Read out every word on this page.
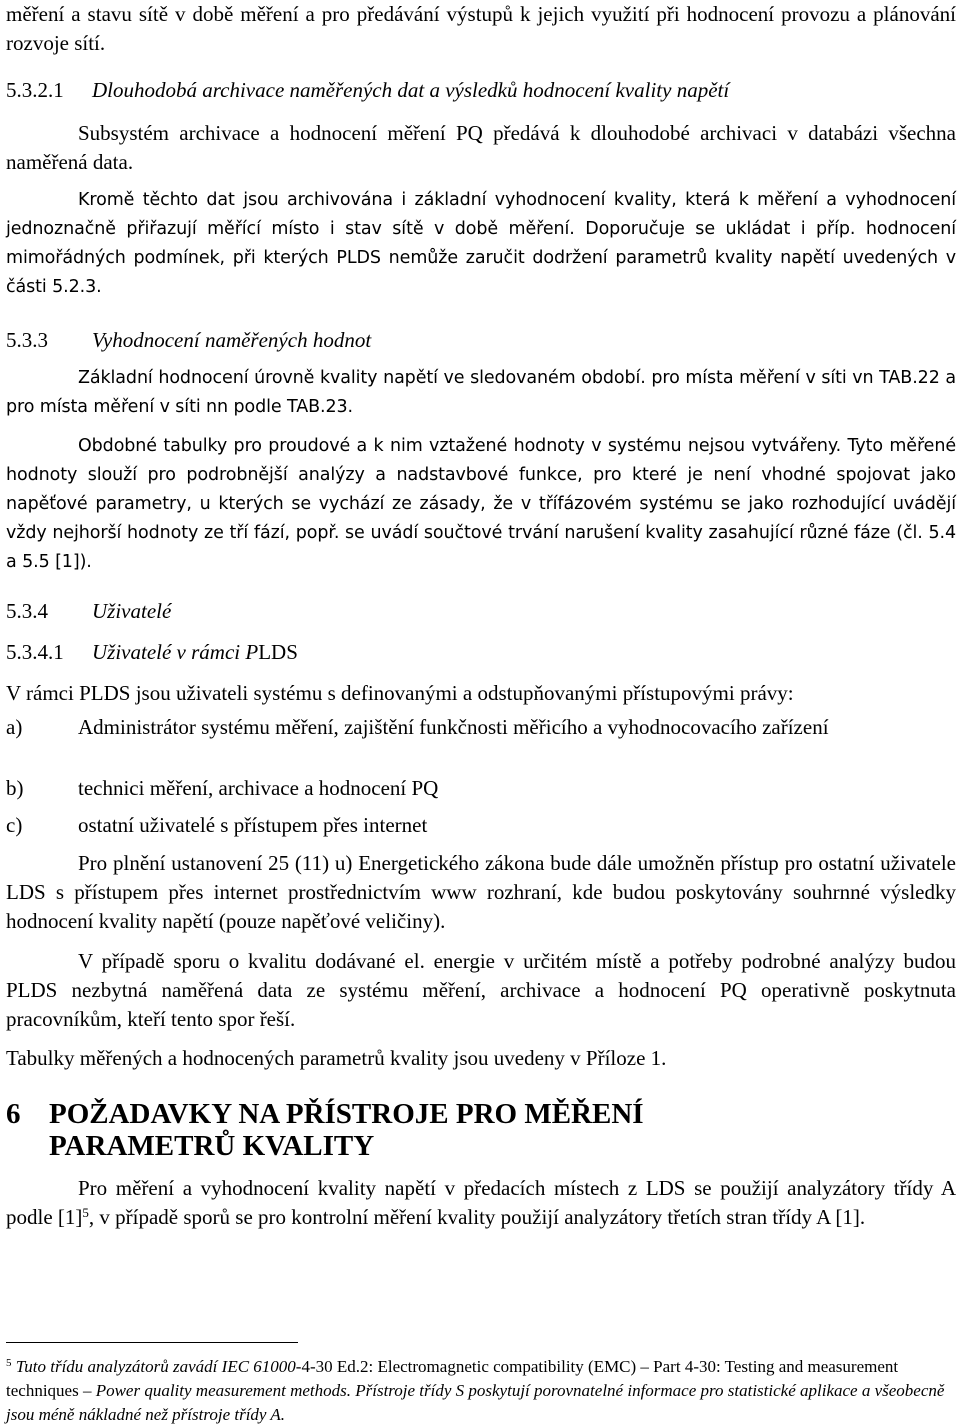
měření a stavu sítě v době měření a pro předávání výstupů k jejich využití při hodnocení provozu a plánování rozvoje sítí.
5.3.2.1 Dlouhodobá archivace naměřených dat a výsledků hodnocení kvality napětí
Subsystém archivace a hodnocení měření PQ předává k dlouhodobé archivaci v databázi všechna naměřená data.
Kromě těchto dat jsou archivována i základní vyhodnocení kvality, která k měření a vyhodnocení jednoznačně přiřazují měřící místo i stav sítě v době měření. Doporučuje se ukládat i příp. hodnocení mimořádných podmínek, při kterých PLDS nemůže zaručit dodržení parametrů kvality napětí uvedených v části 5.2.3.
5.3.3 Vyhodnocení naměřených hodnot
Základní hodnocení úrovně kvality napětí ve sledovaném období. pro místa měření v síti vn TAB.22 a pro místa měření v síti nn podle TAB.23.
Obdobné tabulky pro proudové a k nim vztažené hodnoty v systému nejsou vytvářeny. Tyto měřené hodnoty slouží pro podrobnější analýzy a nadstavbové funkce, pro které je není vhodné spojovat jako napěťové parametry, u kterých se vychází ze zásady, že v třífázovém systému se jako rozhodující uvádějí vždy nejhorší hodnoty ze tří fází, popř. se uvádí součtové trvání narušení kvality zasahující různé fáze (čl. 5.4 a 5.5 [1]).
5.3.4 Uživatelé
5.3.4.1 Uživatelé v rámci PLDS
V rámci PLDS jsou uživateli systému s definovanými a odstupňovanými přístupovými právy:
a)	Administrátor systému měření, zajištění funkčnosti měřicího a vyhodnocovacího zařízení
b)	technici měření, archivace a hodnocení PQ
c)	ostatní uživatelé s přístupem přes internet
Pro plnění ustanovení 25 (11) u) Energetického zákona bude dále umožněn přístup pro ostatní uživatele LDS s přístupem přes internet prostřednictvím www rozhraní, kde budou poskytovány souhrnné výsledky hodnocení kvality napětí (pouze napěťové veličiny).
V případě sporu o kvalitu dodávané el. energie v určitém místě a potřeby podrobné analýzy budou PLDS nezbytná naměřená data ze systému měření, archivace a hodnocení PQ operativně poskytnuta pracovníkům, kteří tento spor řeší.
Tabulky měřených a hodnocených parametrů kvality jsou uvedeny v Příloze 1.
6 POŽADAVKY NA PŘÍSTROJE PRO MĚŘENÍ PARAMETRŮ KVALITY
Pro měření a vyhodnocení kvality napětí v předacích místech z LDS se použijí analyzátory třídy A podle $[1]^5$, v případě sporů se pro kontrolní měření kvality použijí analyzátory třetích stran třídy A [1].
$^5$ Tuto třídu analyzátorů zavádí IEC 61000-4-30 Ed.2: Electromagnetic compatibility (EMC) – Part 4-30: Testing and measurement techniques – Power quality measurement methods. Přístroje třídy S poskytují porovnatelné informace pro statistické aplikace a všeobecně jsou méně nákladné než přístroje třídy A.
